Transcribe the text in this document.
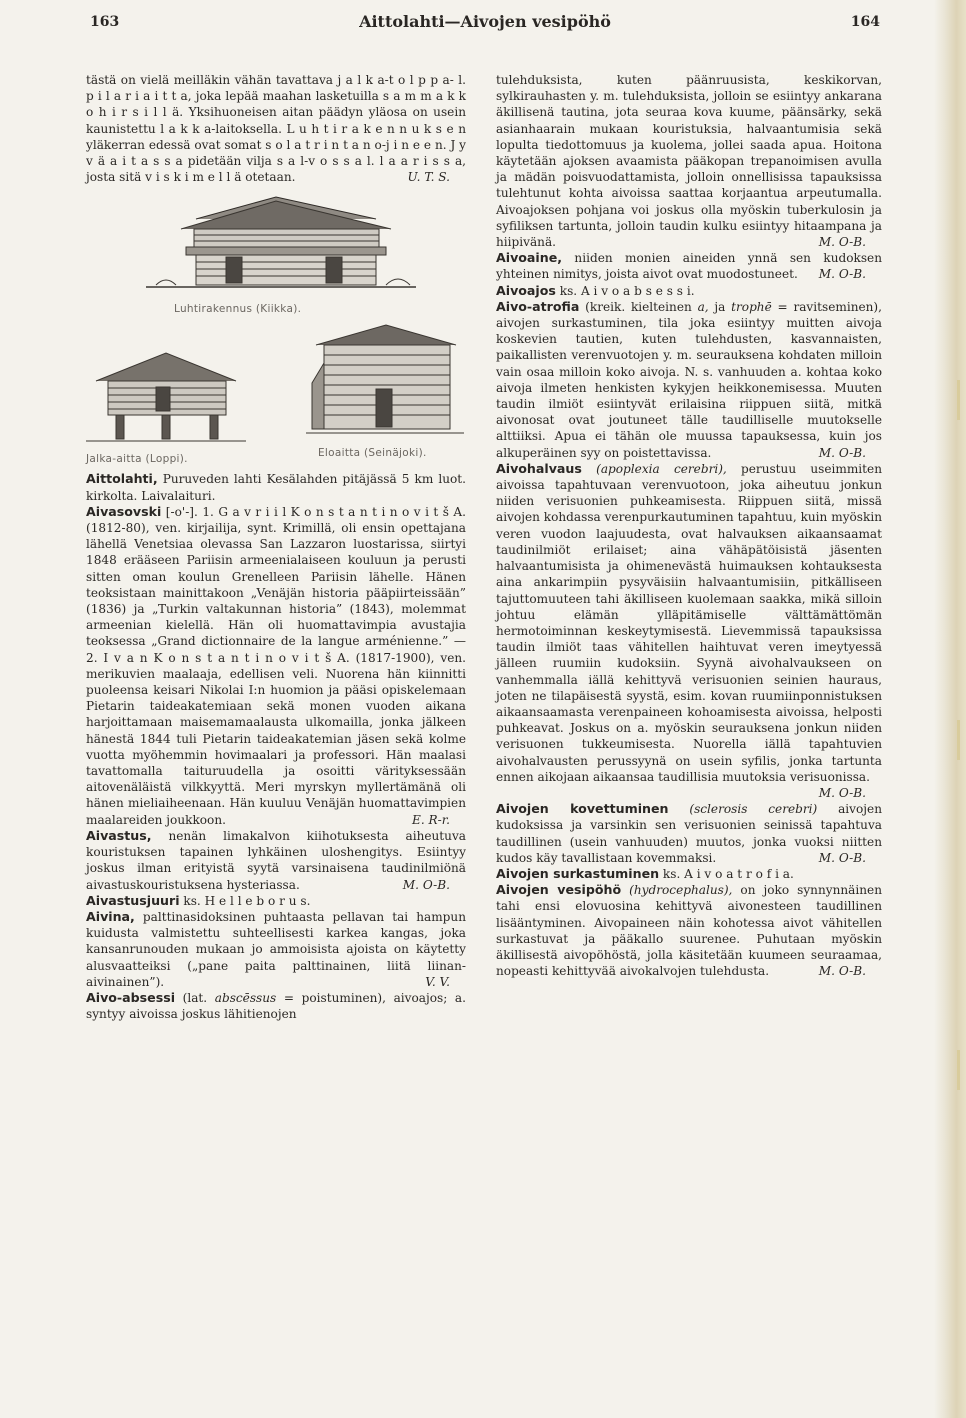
163	Aittolahti—Aivojen vesipöhö	164

tästä on vielä meilläkin vähän tavattava j a l k a-t o l p p a- l. p i l a r i a i t t a, joka lepää maahan lasketuilla s a m m a k k o h i r s i l l ä. Yksihuoneisen aitan päädyn yläosa on usein kaunistettu l a k k a-laitoksella. L u h t i r a k e n n u k s e n yläkerran edessä ovat somat s o l a t r i n t a n o-j i n e e n. J y v ä a i t a s s a pidetään vilja s a l-v o s s a l. l a a r i s s a, josta sitä v i s k i m e l l ä otetaan.	U. T. S.

Luhtirakennus (Kiikka).
Jalka-aitta (Loppi).	Eloaitta (Seinäjoki).

Aittolahti, Puruveden lahti Kesälahden pitäjässä 5 km luot. kirkolta. Laivalaituri.

Aivasovski [-o'-]. 1. G a v r i i l K o n s t a n t i n o v i t š A. (1812-80), ven. kirjailija, synt. Krimillä, oli ensin opettajana lähellä Venetsiaa olevassa San Lazzaron luostarissa, siirtyi 1848 erääseen Pariisin armeenialaiseen kouluun ja perusti sitten oman koulun Grenelleen Pariisin lähelle. Hänen teoksistaan mainittakoon „Venäjän historia pääpiirteissään” (1836) ja „Turkin valtakunnan historia” (1843), molemmat armeenian kielellä. Hän oli huomattavimpia avustajia teoksessa „Grand dictionnaire de la langue arménienne.” — 2. I v a n K o n s t a n t i n o v i t š A. (1817-1900), ven. merikuvien maalaaja, edellisen veli. Nuorena hän kiinnitti puoleensa keisari Nikolai I:n huomion ja pääsi opiskelemaan Pietarin taideakatemiaan sekä monen vuoden aikana harjoittamaan maisemamaalausta ulkomailla, jonka jälkeen hänestä 1844 tuli Pietarin taideakatemian jäsen sekä kolme vuotta myöhemmin hovimaalari ja professori. Hän maalasi tavattomalla taituruudella ja osoitti värityksessään aitovenäläistä vilkkyyttä. Meri myrskyn myllertämänä oli hänen mieliaiheenaan. Hän kuuluu Venäjän huomattavimpien maalareiden joukkoon.	E. R-r.

Aivastus, nenän limakalvon kiihotuksesta aiheutuva kouristuksen tapainen lyhkäinen uloshengitys. Esiintyy joskus ilman erityistä syytä varsinaisena taudinilmiönä aivastuskouristuksena hysteriassa.	M. O-B.

Aivastusjuuri ks. H e l l e b o r u s.

Aivina, palttinasidoksinen puhtaasta pellavan tai hampun kuidusta valmistettu suhteellisesti karkea kangas, joka kansanrunouden mukaan jo ammoisista ajoista on käytetty alusvaatteiksi („pane paita palttinainen, liitä liinan-aivinainen”).	V. V.

Aivo-absessi (lat. abscēssus = poistuminen), aivoajos; a. syntyy aivoissa joskus lähitienojen

tulehduksista, kuten päänruusista, keskikorvan, sylkirauhasten y. m. tulehduksista, jolloin se esiintyy ankarana äkillisenä tautina, jota seuraa kova kuume, päänsärky, sekä asianhaarain mukaan kouristuksia, halvaantumisia sekä lopulta tiedottomuus ja kuolema, jollei saada apua. Hoitona käytetään ajoksen avaamista pääkopan trepanoimisen avulla ja mädän poisvuodattamista, jolloin onnellisissa tapauksissa tulehtunut kohta aivoissa saattaa korjaantua arpeutumalla. Aivoajoksen pohjana voi joskus olla myöskin tuberkulosin ja syfiliksen tartunta, jolloin taudin kulku esiintyy hitaampana ja hiipivänä.	M. O-B.

Aivoaine, niiden monien aineiden ynnä sen kudoksen yhteinen nimitys, joista aivot ovat muodostuneet. M. O-B.

Aivoajos ks. A i v o a b s e s s i.

Aivo-atrofia (kreik. kielteinen a, ja trophē = ravitseminen), aivojen surkastuminen, tila joka esiintyy muitten aivoja koskevien tautien, kuten tulehdusten, kasvannaisten, paikallisten verenvuotojen y. m. seurauksena kohdaten milloin vain osaa milloin koko aivoja. N. s. vanhuuden a. kohtaa koko aivoja ilmeten henkisten kykyjen heikkonemisessa. Muuten taudin ilmiöt esiintyvät erilaisina riippuen siitä, mitkä aivonosat ovat joutuneet tälle taudilliselle muutokselle alttiiksi. Apua ei tähän ole muussa tapauksessa, kuin jos alkuperäinen syy on poistettavissa.	M. O-B.

Aivohalvaus (apoplexia cerebri), perustuu useimmiten aivoissa tapahtuvaan verenvuotoon, joka aiheutuu jonkun niiden verisuonien puhkeamisesta. Riippuen siitä, missä aivojen kohdassa verenpurkautuminen tapahtuu, kuin myöskin veren vuodon laajuudesta, ovat halvauksen aikaansaamat taudinilmiöt erilaiset; aina vähäpätöisistä jäsenten halvaantumisista ja ohimenevästä huimauksen kohtauksesta aina ankarimpiin pysyväisiin halvaantumisiin, pitkälliseen tajuttomuuteen tahi äkilliseen kuolemaan saakka, mikä silloin johtuu elämän ylläpitämiselle välttämättömän hermotoiminnan keskeytymisestä. Lievemmissä tapauksissa taudin ilmiöt taas vähitellen haihtuvat veren imeytyessä jälleen ruumiin kudoksiin. Syynä aivohalvaukseen on vanhemmalla iällä kehittyvä verisuonien seinien hauraus, joten ne tilapäisestä syystä, esim. kovan ruumiinponnistuksen aikaansaamasta verenpaineen kohoamisesta aivoissa, helposti puhkeavat. Joskus on a. myöskin seurauksena jonkun niiden verisuonen tukkeumisesta. Nuorella iällä tapahtuvien aivohalvausten perussyynä on usein syfilis, jonka tartunta ennen aikojaan aikaansaa taudillisia muutoksia verisuonissa.
M. O-B.

Aivojen kovettuminen (sclerosis cerebri) aivojen kudoksissa ja varsinkin sen verisuonien seinissä tapahtuva taudillinen (usein vanhuuden) muutos, jonka vuoksi niitten kudos käy tavallistaan kovemmaksi.	M. O-B.

Aivojen surkastuminen ks. A i v o a t r o f i a.

Aivojen vesipöhö (hydrocephalus), on joko synnynnäinen tahi ensi elovuosina kehittyvä aivonesteen taudillinen lisääntyminen. Aivopaineen näin kohotessa aivot vähitellen surkastuvat ja pääkallo suurenee. Puhutaan myöskin äkillisestä aivopöhöstä, jolla käsitetään kuumeen seuraamaa, nopeasti kehittyvää aivokalvojen tulehdusta.	M. O-B.
